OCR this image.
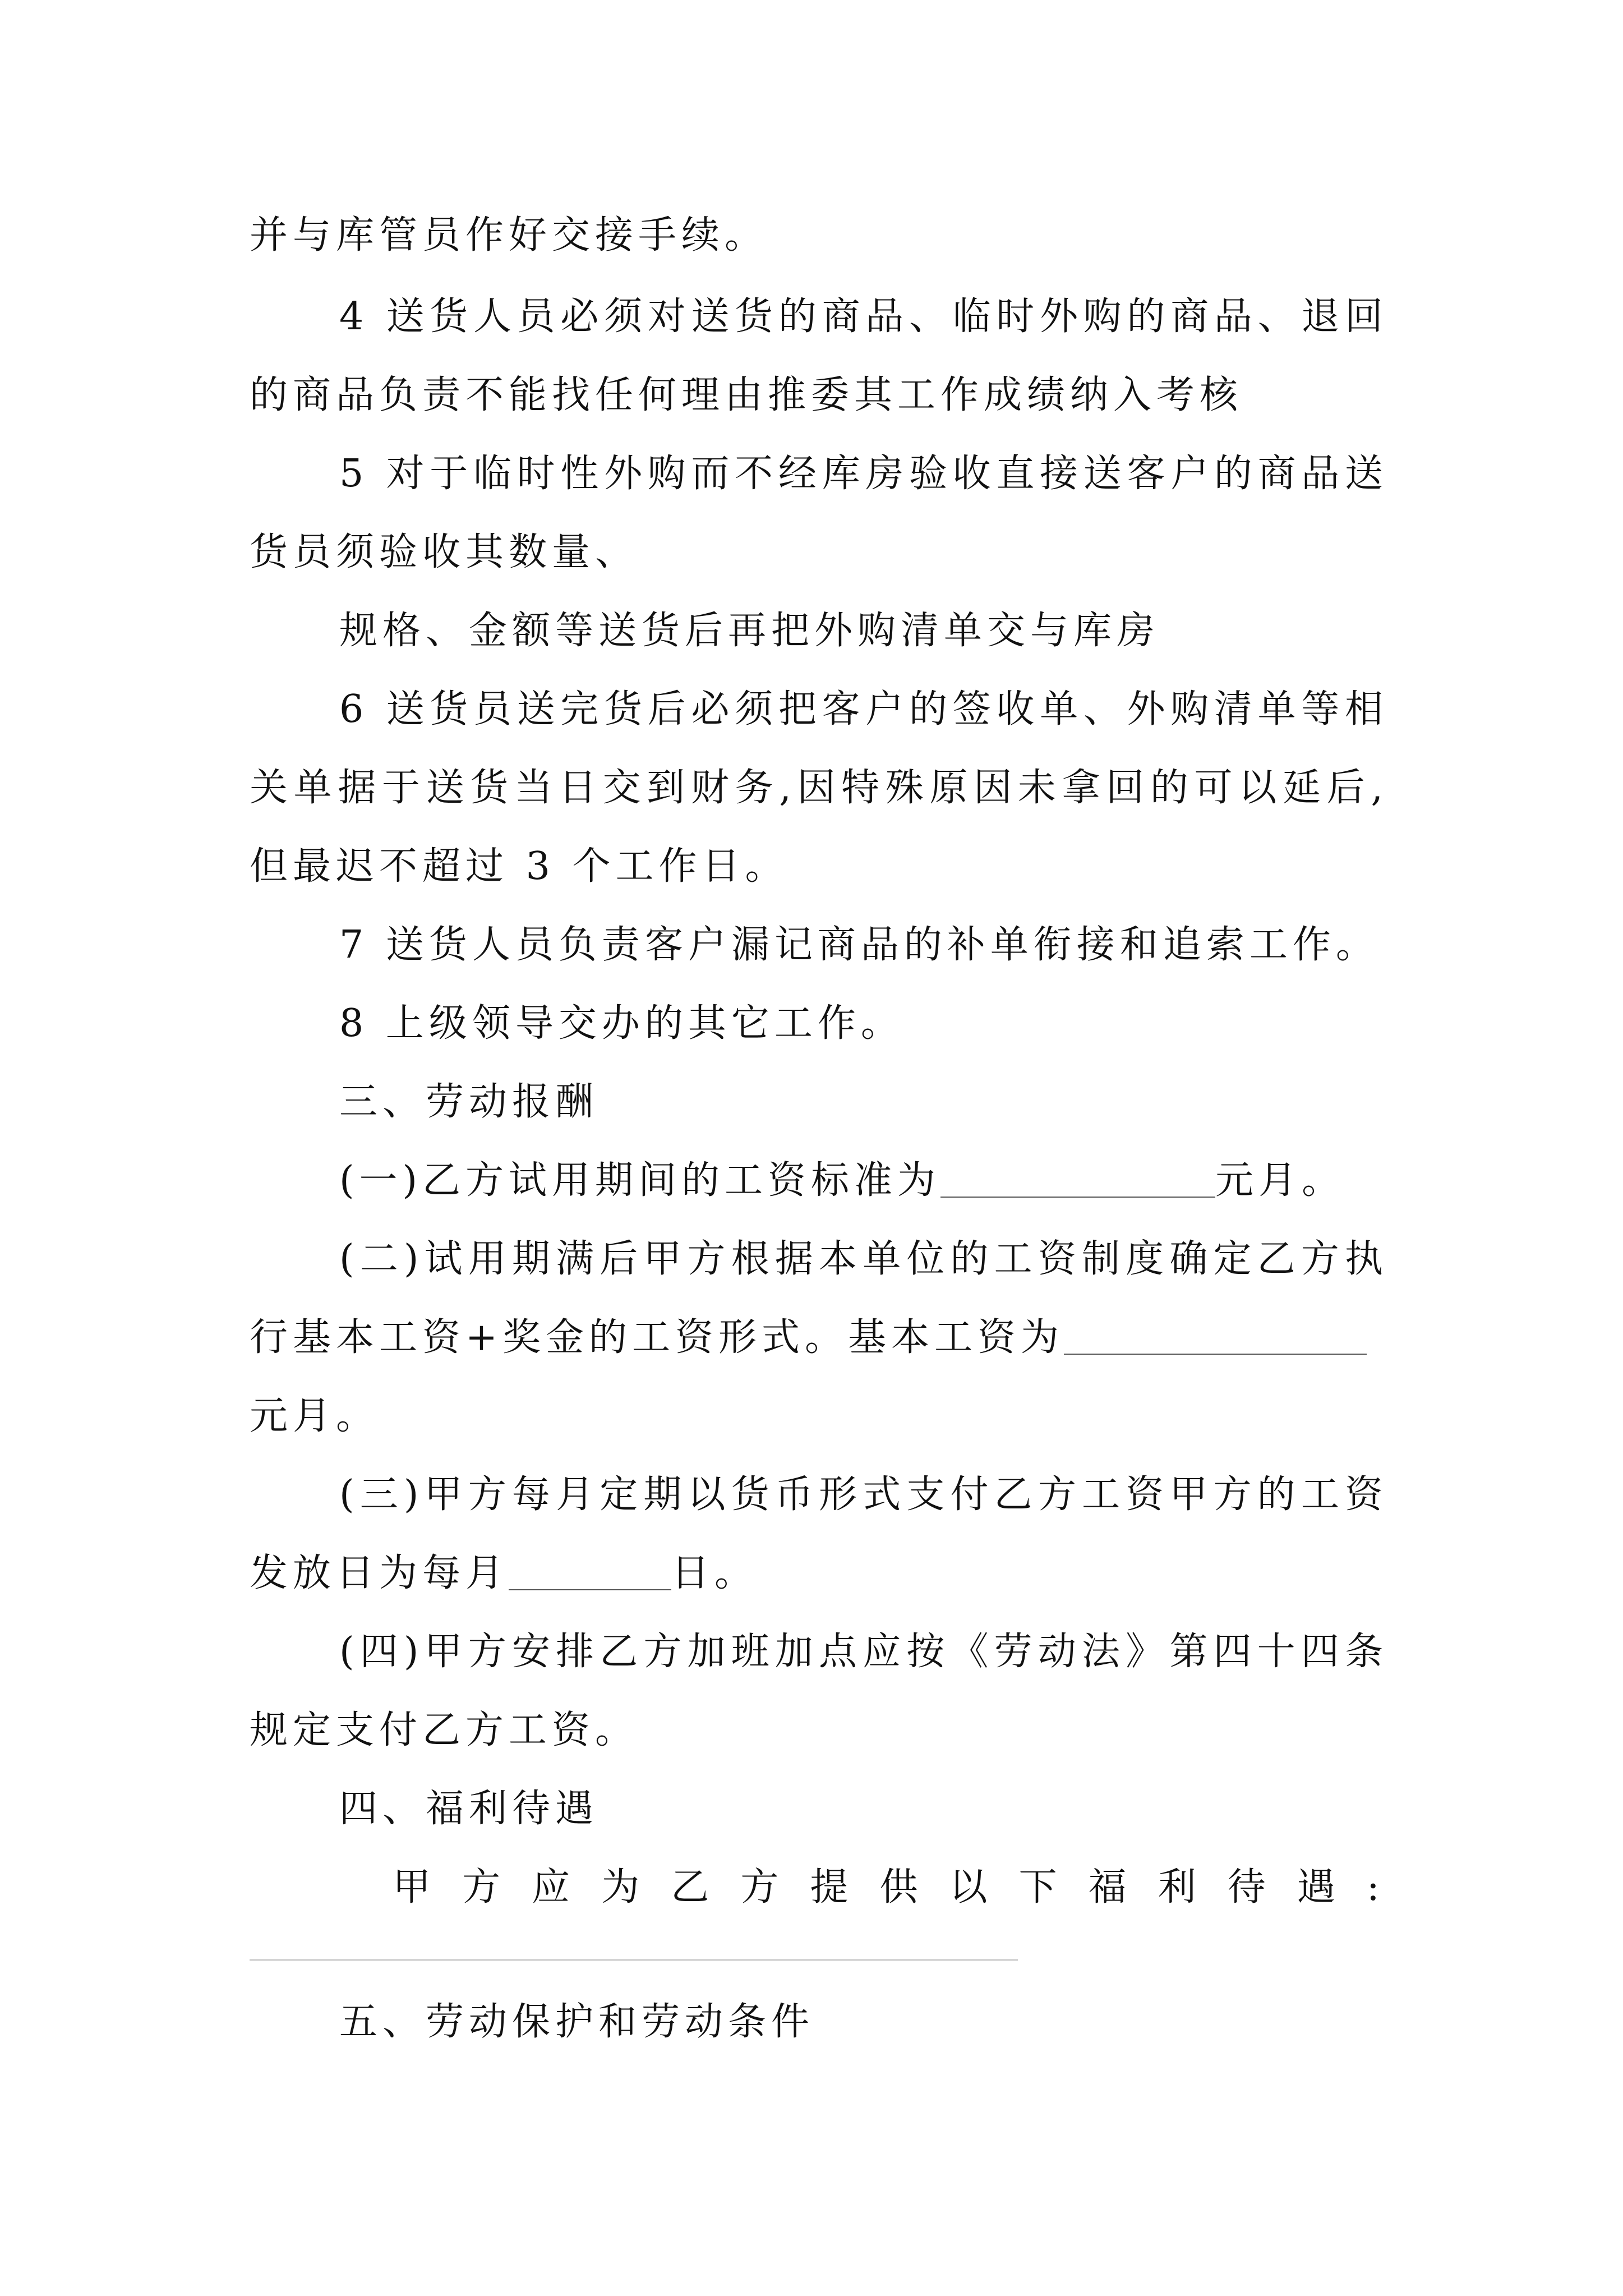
并与库管员作好交接手续。
4 送货人员必须对送货的商品、临时外购的商品、退回
的商品负责不能找任何理由推委其工作成绩纳入考核
5 对于临时性外购而不经库房验收直接送客户的商品送
货员须验收其数量、
规格、金额等送货后再把外购清单交与库房
6 送货员送完货后必须把客户的签收单、外购清单等相
关单据于送货当日交到财务,因特殊原因未拿回的可以延后,
但最迟不超过 3 个工作日。
7 送货人员负责客户漏记商品的补单衔接和追索工作。
8 上级领导交办的其它工作。
三、劳动报酬
(一)乙方试用期间的工资标准为	元月。
(二)试用期满后甲方根据本单位的工资制度确定乙方执
行基本工资+奖金的工资形式。基本工资为
元月。
(三)甲方每月定期以货币形式支付乙方工资甲方的工资
发放日为每月	日。
(四)甲方安排乙方加班加点应按《劳动法》第四十四条
规定支付乙方工资。
四、福利待遇
甲 方 应 为 乙 方 提 供 以 下 福 利 待 遇 :
五、劳动保护和劳动条件
